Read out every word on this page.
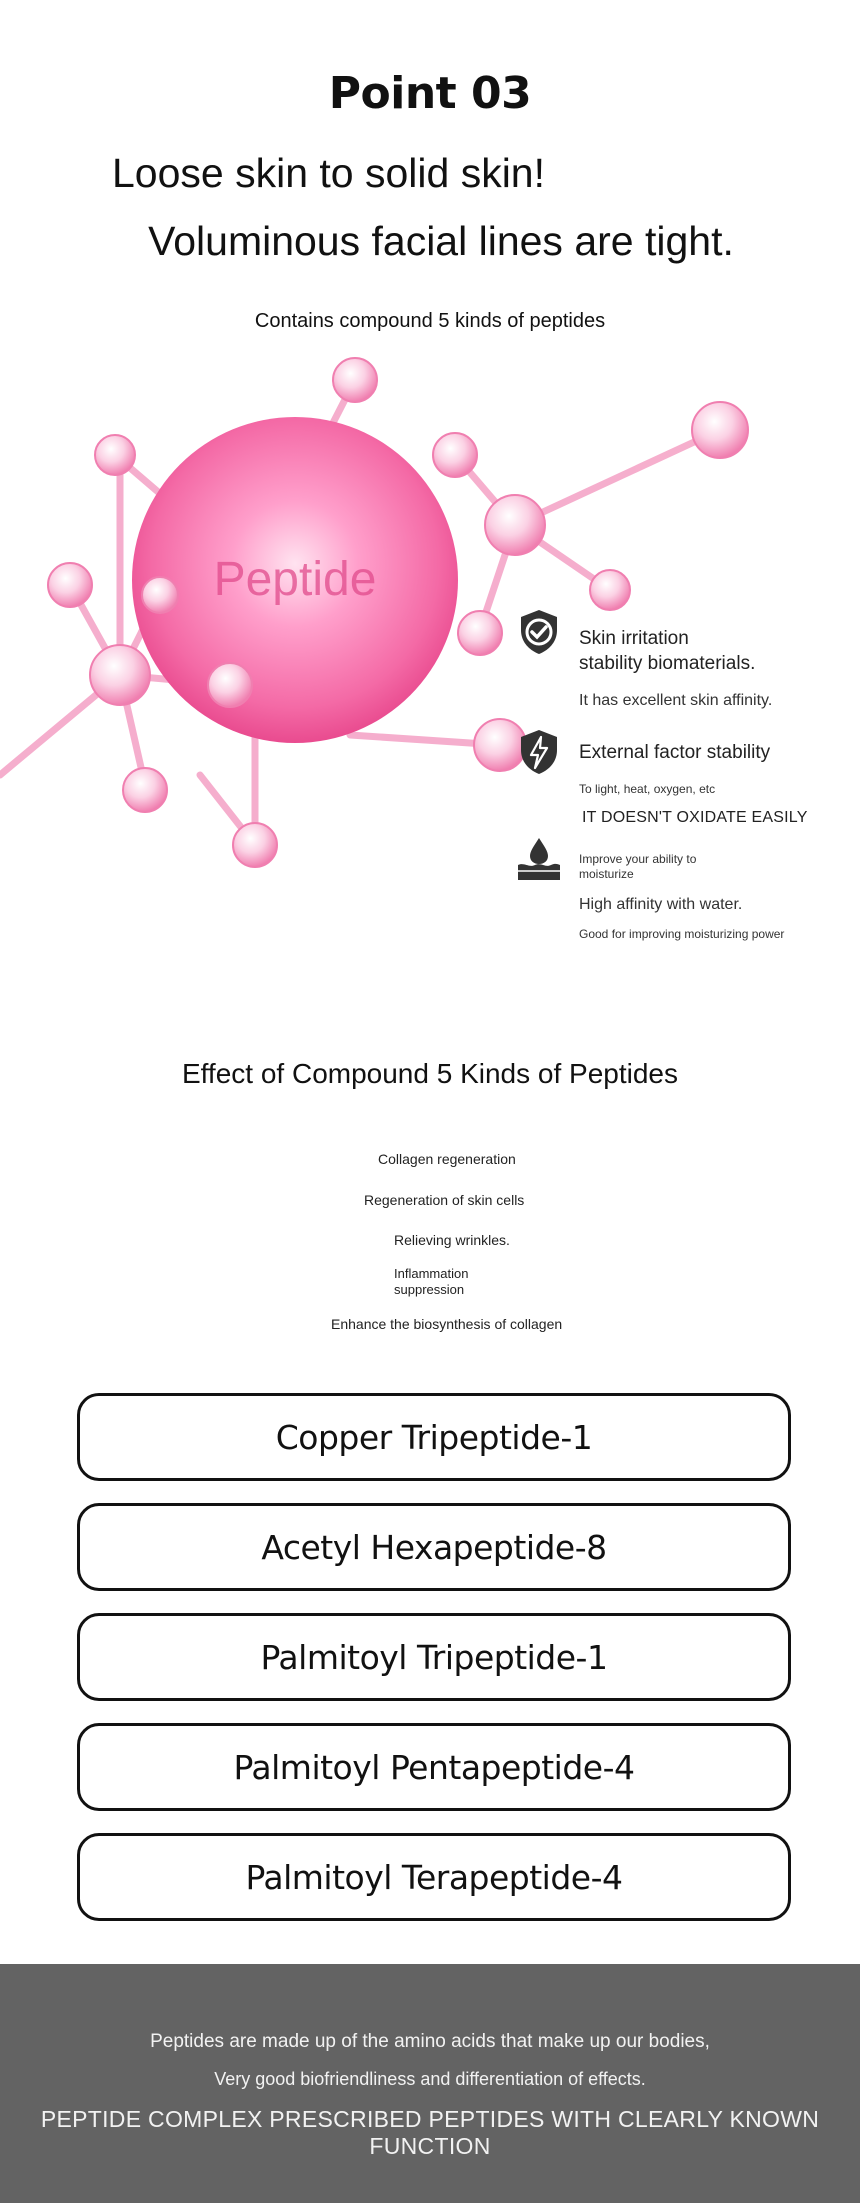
Point 03
Loose skin to solid skin!
Voluminous facial lines are tight.
Contains compound 5 kinds of peptides
Peptide
Skin irritation
stability biomaterials.
It has excellent skin affinity.
External factor stability
To light, heat, oxygen, etc
IT DOESN'T OXIDATE EASILY
Improve your ability to
moisturize
High affinity with water.
Good for improving moisturizing power
Effect of Compound 5 Kinds of Peptides
Collagen regeneration
Regeneration of skin cells
Relieving wrinkles.
Inflammation
suppression
Enhance the biosynthesis of collagen
Copper Tripeptide-1
Acetyl Hexapeptide-8
Palmitoyl Tripeptide-1
Palmitoyl Pentapeptide-4
Palmitoyl Terapeptide-4
Peptides are made up of the amino acids that make up our bodies,
Very good biofriendliness and differentiation of effects.
PEPTIDE COMPLEX PRESCRIBED PEPTIDES WITH CLEARLY KNOWN FUNCTION
